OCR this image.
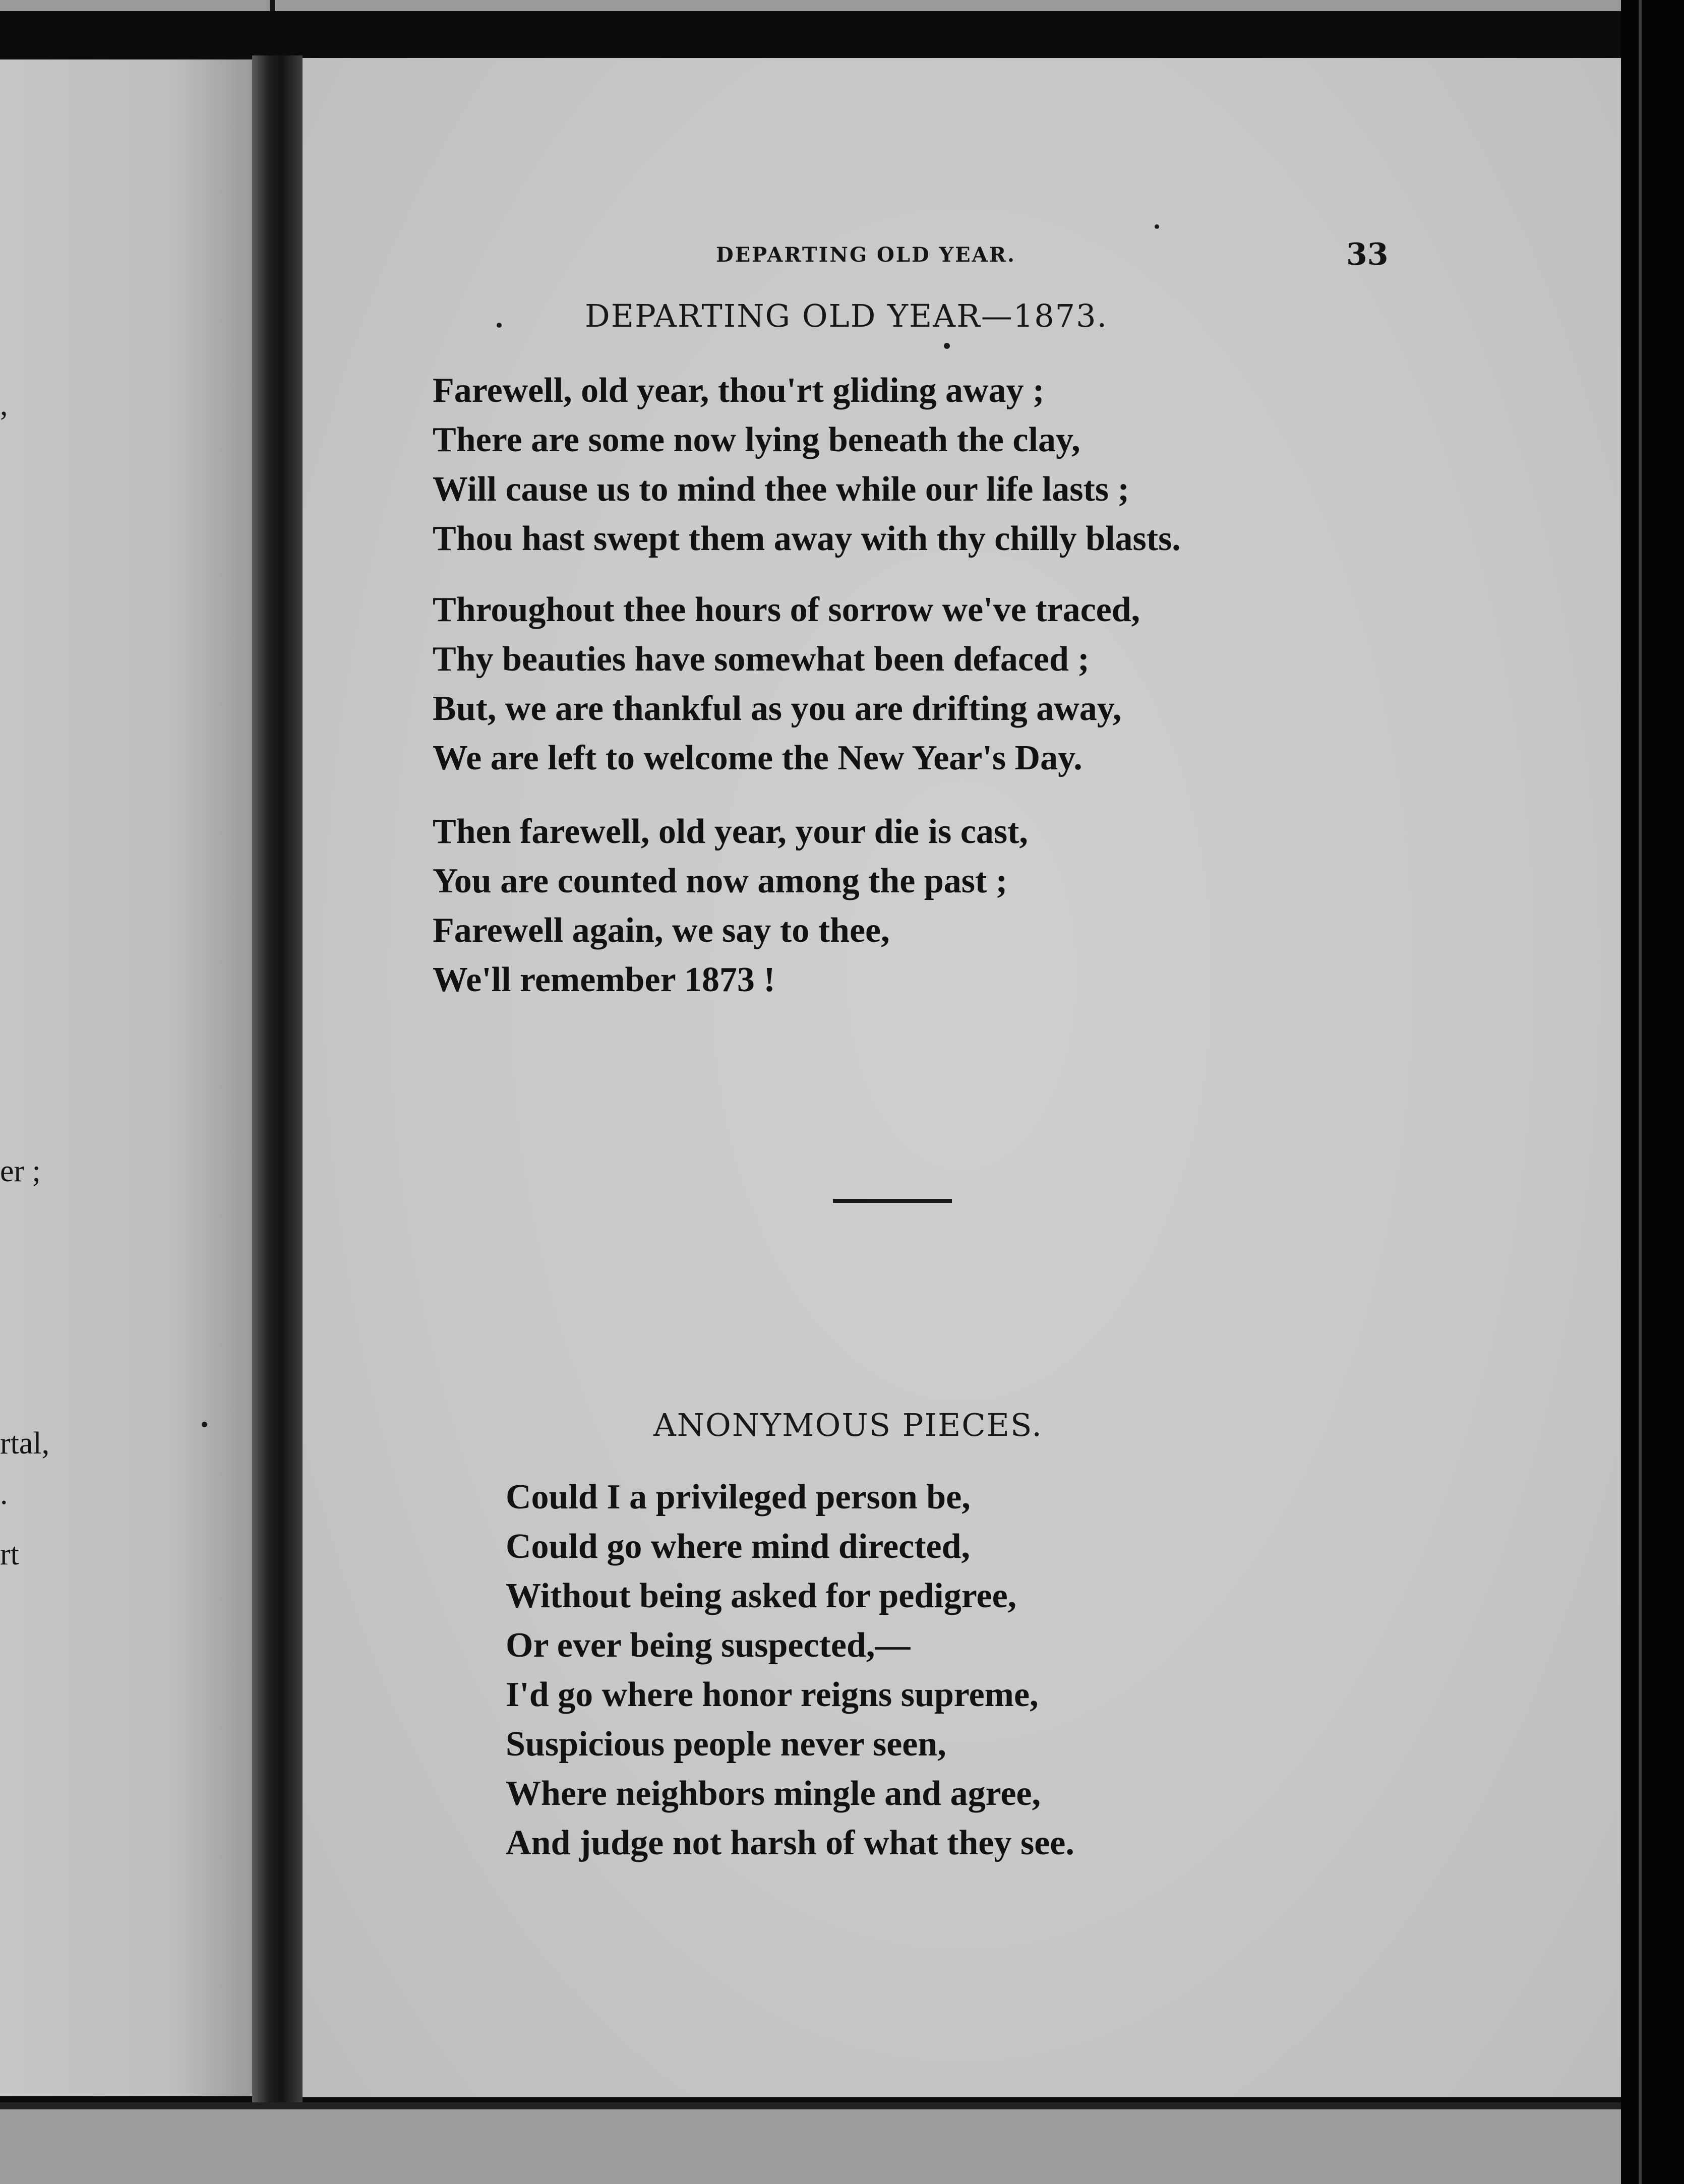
,
er ;
rtal,
.
rt
DEPARTING OLD YEAR.	33
DEPARTING OLD YEAR—1873.
Farewell, old year, thou'rt gliding away ;
There are some now lying beneath the clay,
Will cause us to mind thee while our life lasts ;
Thou hast swept them away with thy chilly blasts.
Throughout thee hours of sorrow we've traced,
Thy beauties have somewhat been defaced ;
But, we are thankful as you are drifting away,
We are left to welcome the New Year's Day.
Then farewell, old year, your die is cast,
You are counted now among the past ;
Farewell again, we say to thee,
We'll remember 1873 !
ANONYMOUS PIECES.
Could I a privileged person be,
Could go where mind directed,
Without being asked for pedigree,
Or ever being suspected,—
I'd go where honor reigns supreme,
Suspicious people never seen,
Where neighbors mingle and agree,
And judge not harsh of what they see.
